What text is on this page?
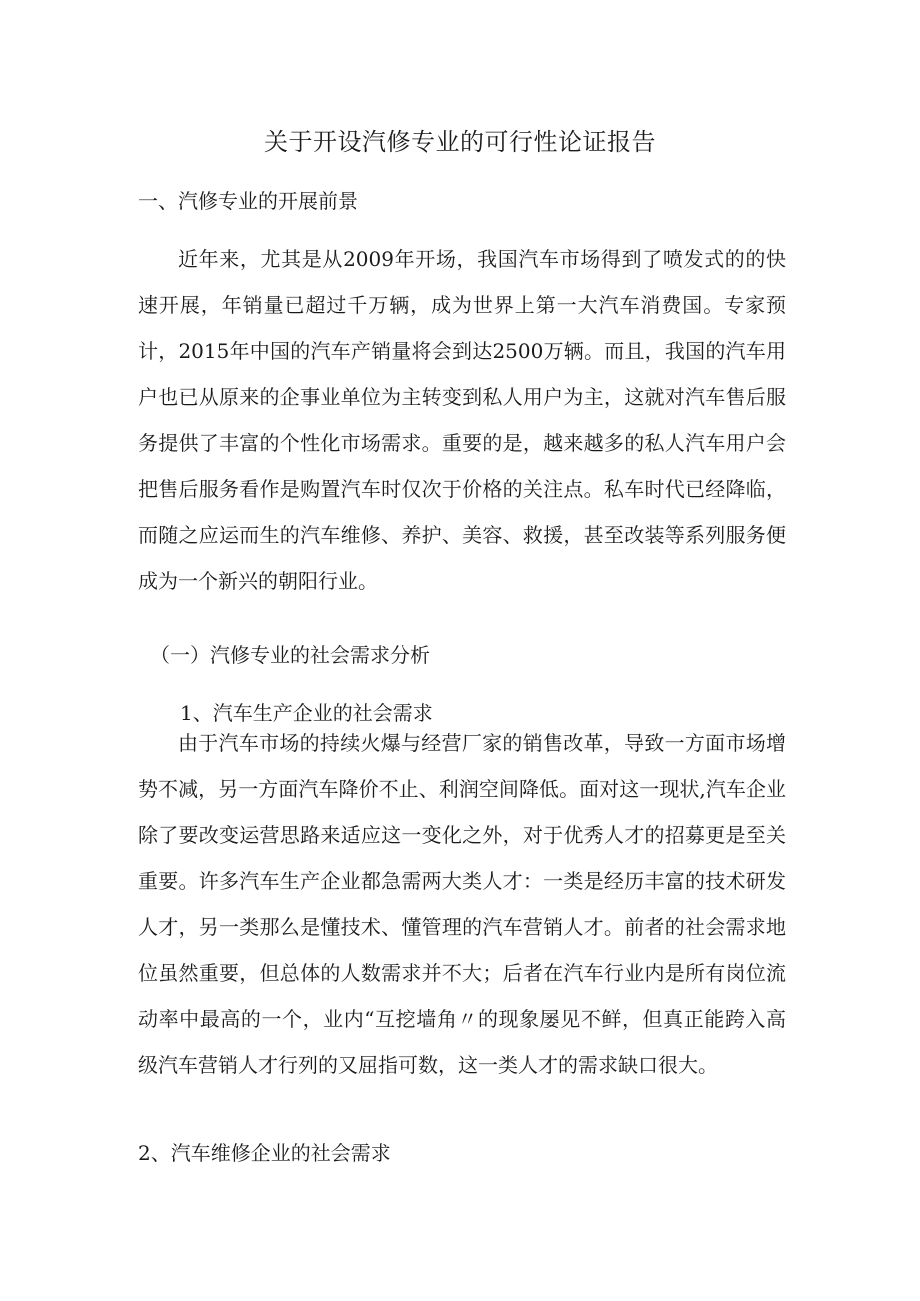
关于开设汽修专业的可行性论证报告
一、汽修专业的开展前景
近年来，尤其是从2009年开场，我国汽车市场得到了喷发式的的快速开展，年销量已超过千万辆，成为世界上第一大汽车消费国。专家预计，2015年中国的汽车产销量将会到达2500万辆。而且，我国的汽车用户也已从原来的企事业单位为主转变到私人用户为主，这就对汽车售后服务提供了丰富的个性化市场需求。重要的是，越来越多的私人汽车用户会把售后服务看作是购置汽车时仅次于价格的关注点。私车时代已经降临，而随之应运而生的汽车维修、养护、美容、救援，甚至改装等系列服务便成为一个新兴的朝阳行业。
（一）汽修专业的社会需求分析
1、汽车生产企业的社会需求
由于汽车市场的持续火爆与经营厂家的销售改革，导致一方面市场增势不减，另一方面汽车降价不止、利润空间降低。面对这一现状,汽车企业除了要改变运营思路来适应这一变化之外，对于优秀人才的招募更是至关重要。许多汽车生产企业都急需两大类人才：一类是经历丰富的技术研发人才，另一类那么是懂技术、懂管理的汽车营销人才。前者的社会需求地位虽然重要，但总体的人数需求并不大；后者在汽车行业内是所有岗位流动率中最高的一个，业内“互挖墙角〃的现象屡见不鲜，但真正能跨入高级汽车营销人才行列的又屈指可数，这一类人才的需求缺口很大。
2、汽车维修企业的社会需求
